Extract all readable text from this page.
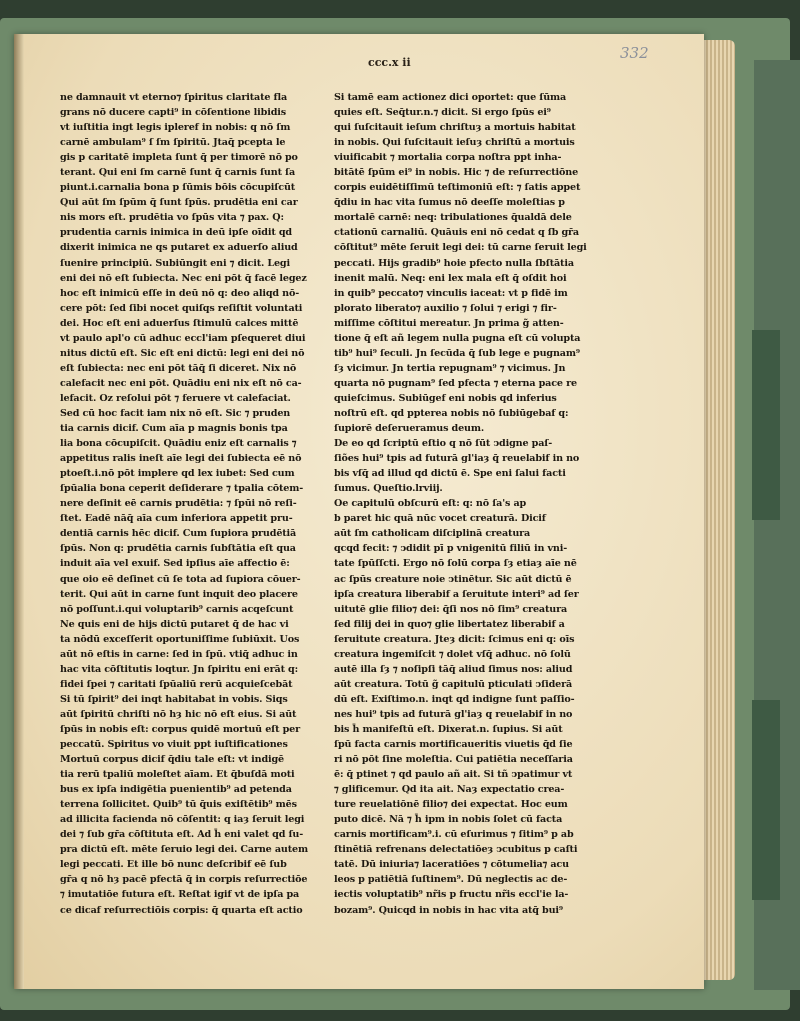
ccc.x ii
332
ne damnauit vt eterno⁊ ſpiritus claritate fla
grans nō ducere capti⁹ in cōſentione libidis
vt iuſtitia ingt legis ipleref in nobis: q nō ſm
carnē ambulam⁹ ſ ſm ſpiritū. Jtaq̄ pcepta le
gis p caritatē impleta ſunt q̄ per timorē nō po
terant. Qui eni ſm carnē ſunt q̄ carnis ſunt ſa
piunt.i.carnalia bona p ſūmis bōis cōcupiſcūt
Qui aūt ſm ſpūm q̄ ſunt ſpūs. prudētia eni car
nis mors eſt. prudētia vo ſpūs vita ⁊ pax. Q:
prudentia carnis inimica in deū ipſe oīdit qd
dixerit inimica ne qs putaret ex aduerſo aliud
ſuenire principiū. Subiūngit eni ⁊ dicit. Legi
eni dei nō eſt ſubiecta. Nec eni pōt q̄ facē legez
hoc eſt inimicū eſſe in deū nō q: deo aliqd nō-
cere pōt: ſed ſibi nocet quiſqs reſiſtit voluntati
dei. Hoc eſt eni aduerſus ſtimulū calces mittē
vt paulo apl'o cū adhuc eccl'iam pſequeret diui
nitus dictū eſt. Sic eſt eni dictū: legi eni dei nō
eſt ſubiecta: nec eni pōt tāq̄ ſi diceret. Nix nō
calefacit nec eni pōt. Quādiu eni nix eſt nō ca-
lefacit. Oz reſolui pōt ⁊ feruere vt calefaciat.
Sed cū hoc facit iam nix nō eſt. Sic ⁊ pruden
tia carnis dicif. Cum aīa p magnis bonis tpa
lia bona cōcupiſcit. Quādiu eniz eſt carnalis ⁊
appetitus ralis ineſt aīe legi dei ſubiecta eē nō
ptoeſt.i.nō pōt implere qd lex iubet: Sed cum
ſpūalia bona ceperit deſiderare ⁊ tpalia cōtem-
nere deſinit eē carnis prudētia: ⁊ ſpūi nō reſi-
ſtet. Eadē nāq̄ aīa cum inferiora appetit pru-
dentiā carnis hēc dicif. Cum ſupiora prudētiā
ſpūs. Non q: prudētia carnis ſubſtātia eſt qua
induit aīa vel exuif. Sed ipſius aīe affectio ē:
que oio eē deſinet cū ſe tota ad ſupiora cōuer-
terit. Qui aūt in carne ſunt inquit deo placere
nō poſſunt.i.qui voluptarib⁹ carnis acqeſcunt
Ne quis eni de hijs dictū putaret q̄ de hac vi
ta nōdū exceſſerit oportuniſſime ſubiūxit. Uos
aūt nō eſtis in carne: ſed in ſpū. vtiq̄ adhuc in
hac vita cōſtitutis loqtur. Jn ſpiritu eni erāt q:
fidei ſpei ⁊ caritati ſpūaliū rerū acquieſcebāt
Si tū ſpirit⁹ dei inqt habitabat in vobis. Siqs
aūt ſpiritū chriſti nō hȝ hic nō eſt eius. Si aūt
ſpūs in nobis eſt: corpus quidē mortuū eſt per
peccatū. Spiritus vo viuit ppt iuſtificationes
Mortuū corpus dicif q̄diu tale eſt: vt indigē
tia rerū tpaliū moleſtet aīam. Et q̄buſdā moti
bus ex ipſa indigētia puenientib⁹ ad petenda
terrena ſollicitet. Quib⁹ tū q̄uis exiſtētib⁹ mēs
ad illicita facienda nō cōſentit: q iaȝ ſeruit legi
dei ⁊ ſub gr̄a cōſtituta eſt. Ad h̄ eni valet qd ſu-
pra dictū eſt. mēte ſeruio legi dei. Carne autem
legi peccati. Et ille bō nunc deſcribif eē ſub
gr̄a q nō hȝ pacē pfectā q̄ in corpis reſurrectiōe
⁊ imutatiōe futura eſt. Reſtat igif vt de ipſa pa
ce dicaf reſurrectiōis corpis: q̄ quarta eſt actio
Si tamē eam actionez dici oportet: que ſūma
quies eſt. Seq̄tur.n.⁊ dicit. Si ergo ſpūs ei⁹
qui ſuſcitauit ieſum chriſtuȝ a mortuis habitat
in nobis. Qui ſuſcitauit ieſuȝ chriſtū a mortuis
viuificabit ⁊ mortalia corpa noſtra ppt inha-
bitātē ſpūm ei⁹ in nobis. Hic ⁊ de reſurrectiōne
corpis euidētiſſimū teſtimoniū eſt: ⁊ ſatis appet
q̄diu in hac vita ſumus nō deeſſe moleſtias p
mortalē carnē: neq: tribulationes q̄ualdā dele
ctationū carnaliū. Quāuis eni nō cedat q ſb gr̄a
cōſtitut⁹ mēte ſeruit legi dei: tū carne ſeruit legi
peccati. Hijs gradib⁹ hoie pfecto nulla ſbſtātia
inenit malū. Neq: eni lex mala eſt q̄ oſdit hoi
in quib⁹ peccato⁊ vinculis iaceat: vt p fidē im
plorato liberato⁊ auxilio ⁊ ſolui ⁊ erigi ⁊ fir-
miſſime cōſtitui mereatur. Jn prima g̃ atten-
tione q̄ eſt añ legem nulla pugna eſt cū volupta
tib⁹ hui⁹ ſeculi. Jn ſecūda q̄ ſub lege e pugnam⁹
ſȝ vicimur. Jn tertia repugnam⁹ ⁊ vicimus. Jn
quarta nō pugnam⁹ ſed pfecta ⁊ eterna pace re
quieſcimus. Subiūgef eni nobis qd inferius
noſtrū eſt. qd ppterea nobis nō ſubiūgebaf q:
ſupiorē deſerueramus deum.
De eo qd ſcriptū eſtio q nō ſūt ↄdigne paſ-
ſiões hui⁹ tpis ad futurā gl'iaȝ q̄ reuelabif in no
bis vſq̄ ad illud qd dictū ē. Spe eni ſalui facti
ſumus. Queſtio.lrviij.
Oe capitulū obſcurū eſt: q: nō ſa's ap
b paret hic quā nūc vocet creaturā. Dicif
aūt ſm catholicam diſciplinā creatura
qcqd fecit: ⁊ ↄdidit pī p vnigenitū filiū in vni-
tate ſpūſſcti. Ergo nō ſolū corpa ſȝ etiaȝ aīe nē
ac ſpūs creature noie ↄtinētur. Sic aūt dictū ē
ipſa creatura liberabif a ſeruitute interi⁹ ad ſer
uitutē glie filio⁊ dei: q̄ſi nos nō ſim⁹ creatura
ſed filij dei in quo⁊ glie libertatez liberabif a
ſeruitute creatura. Jteȝ dicit: ſcimus eni q: oīs
creatura ingemiſcit ⁊ dolet vſq̄ adhuc. nō ſolū
autē illa ſȝ ⁊ noſipſi tāq̄ aliud ſimus nos: aliud
aūt creatura. Totū g̃ capitulū pticulati ↄſiderā
dū eſt. Exiſtimo.n. inqt qd indigne ſunt paſſio-
nes hui⁹ tpis ad futurā gl'iaȝ q reuelabif in no
bis h̄ manifeſtū eſt. Dixerat.n. ſupius. Si aūt
ſpū facta carnis mortificaueritis viuetis q̄d ſie
ri nō pōt ſine moleſtia. Cui patiētia neceſſaria
ē: q̄ ptinet ⁊ qd paulo añ ait. Si tñ ↄpatimur vt
⁊ glificemur. Qd ita ait. Naȝ expectatio crea-
ture reuelatiōnē filio⁊ dei expectat. Hoc eum
puto dicē. Nā ⁊ h̄ ipm in nobis ſolet cū facta
carnis mortificam⁹.i. cū eſurimus ⁊ ſitim⁹ p ab
ſtinētiā refrenans delectatiōeȝ ↄcubitus p caſti
tatē. Dū iniuria⁊ laceratiōes ⁊ cōtumelia⁊ acu
leos p patiētiā ſuſtinem⁹. Dū neglectis ac de-
iectis voluptatib⁹ nr̃is p fructu nr̃is eccl'ie la-
bozam⁹. Quicqd in nobis in hac vita atq̄ bui⁹
